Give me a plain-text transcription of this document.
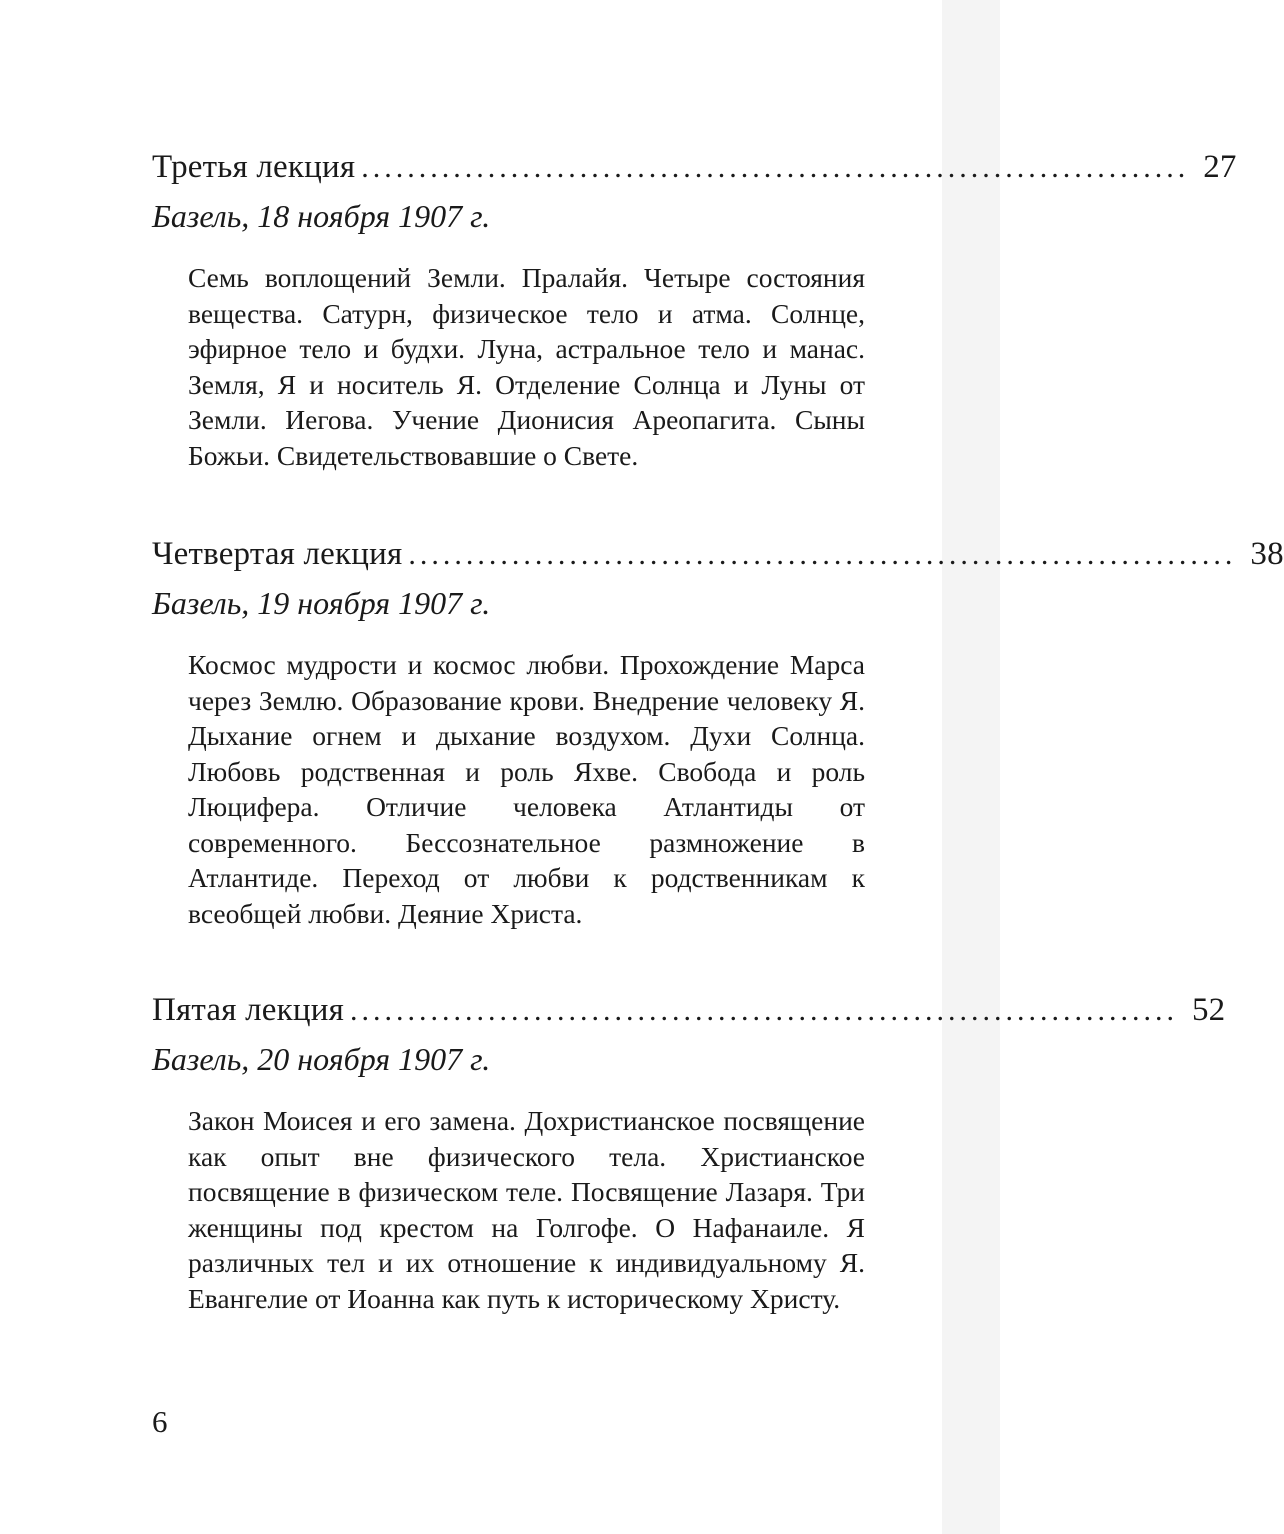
Третья лекция ........................................................................ 27
Базель, 18 ноября 1907 г.
Семь воплощений Земли. Пралайя. Четыре состояния вещества. Сатурн, физическое тело и атма. Солнце, эфирное тело и будхи. Луна, астральное тело и манас. Земля, Я и носитель Я. Отделение Солнца и Луны от Земли. Иегова. Учение Дионисия Ареопагита. Сыны Божьи. Свидетельствовавшие о Свете.
Четвертая лекция ........................................................................ 38
Базель, 19 ноября 1907 г.
Космос мудрости и космос любви. Прохождение Марса через Землю. Образование крови. Внедрение человеку Я. Дыхание огнем и дыхание воздухом. Духи Солнца. Любовь родственная и роль Яхве. Свобода и роль Люцифера. Отличие человека Атлантиды от современного. Бессознательное размножение в Атлантиде. Переход от любви к родственникам к всеобщей любви. Деяние Христа.
Пятая лекция ........................................................................ 52
Базель, 20 ноября 1907 г.
Закон Моисея и его замена. Дохристианское посвящение как опыт вне физического тела. Христианское посвящение в физическом теле. Посвящение Лазаря. Три женщины под крестом на Голгофе. О Нафанаиле. Я различных тел и их отношение к индивидуальному Я. Евангелие от Иоанна как путь к историческому Христу.
6
